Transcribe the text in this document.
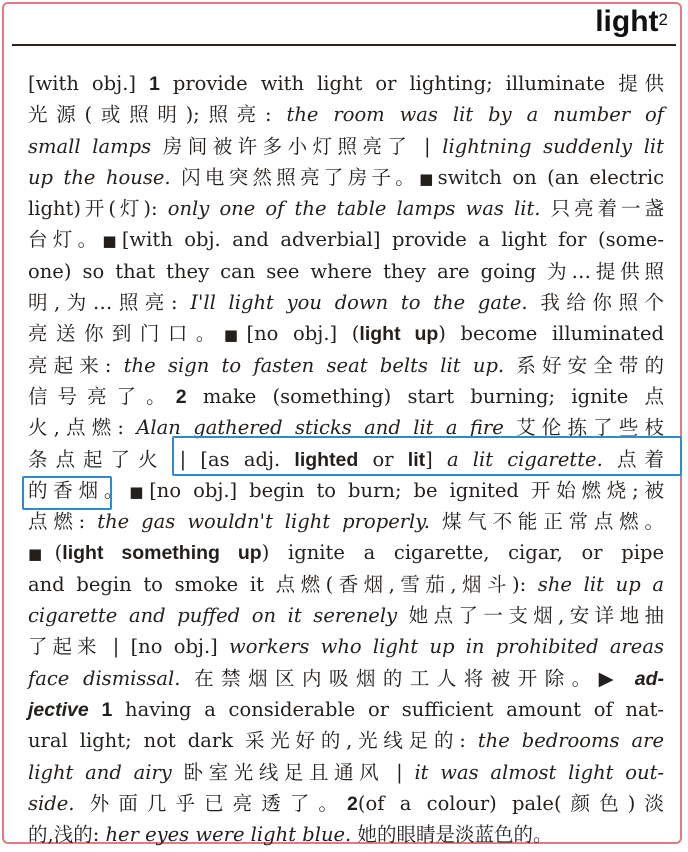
light$^2$
[with obj.] 1 provide with light or lighting; illuminate 提供
光源(或照明);照亮: the room was lit by a number of
small lamps 房间被许多小灯照亮了 | lightning suddenly lit
up the house. 闪电突然照亮了房子。■switch on (an electric
light)开(灯): only one of the table lamps was lit. 只亮着一盏
台灯。■[with obj. and adverbial] provide a light for (some-
one) so that they can see where they are going 为…提供照
明,为…照亮: I'll light you down to the gate. 我给你照个
亮送你到门口。■[no obj.] (light up) become illuminated
亮起来: the sign to fasten seat belts lit up. 系好安全带的
信号亮了。2 make (something) start burning; ignite 点
火,点燃: Alan gathered sticks and lit a fire 艾伦拣了些枝
条点起了火 | [as adj. lighted or lit] a lit cigarette. 点着
的香烟。■[no obj.] begin to burn; be ignited 开始燃烧;被
点燃: the gas wouldn't light properly. 煤气不能正常点燃。
■(light something up) ignite a cigarette, cigar, or pipe
and begin to smoke it 点燃(香烟,雪茄,烟斗): she lit up a
cigarette and puffed on it serenely 她点了一支烟,安详地抽
了起来 | [no obj.] workers who light up in prohibited areas
face dismissal. 在禁烟区内吸烟的工人将被开除。▶ ad-
jective 1 having a considerable or sufficient amount of nat-
ural light; not dark 采光好的,光线足的: the bedrooms are
light and airy 卧室光线足且通风 | it was almost light out-
side. 外面几乎已亮透了。2(of a colour) pale(颜色)淡
的,浅的: her eyes were light blue. 她的眼睛是淡蓝色的。
